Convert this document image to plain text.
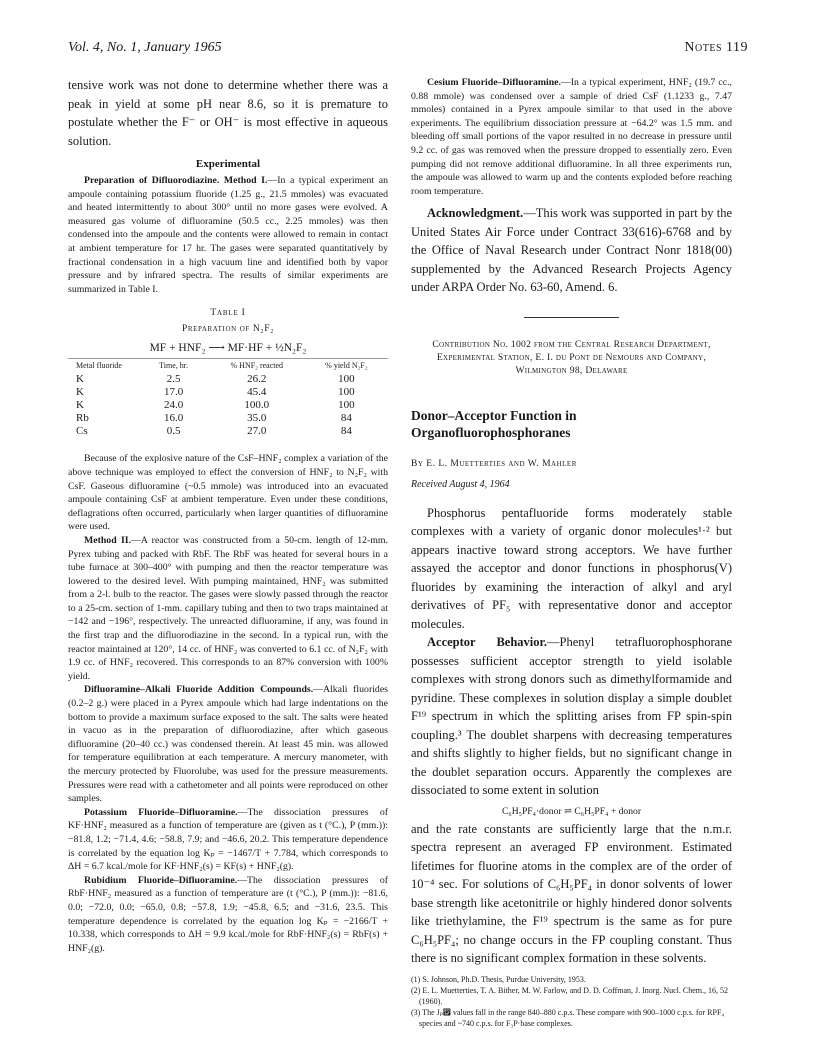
Vol. 4, No. 1, January 1965	Notes 119

tensive work was not done to determine whether there was a peak in yield at some pH near 8.6, so it is premature to postulate whether the F⁻ or OH⁻ is most effective in aqueous solution.

Experimental

Preparation of Difluorodiazine. Method I.—In a typical experiment an ampoule containing potassium fluoride (1.25 g., 21.5 mmoles) was evacuated and heated intermittently to about 300° until no more gases were evolved. A measured gas volume of difluoramine (50.5 cc., 2.25 mmoles) was then condensed into the ampoule and the contents were allowed to remain in contact at ambient temperature for 17 hr. The gases were separated quantitatively by fractional condensation in a high vacuum line and identified both by vapor pressure and by infrared spectra. The results of similar experiments are summarized in Table I.

Table I
Preparation of N₂F₂
MF + HNF₂ ⟶ MF·HF + ½N₂F₂
Metal fluoride	Time, hr.	% HNF₂ reacted	% yield N₂F₂
K	2.5	26.2	100
K	17.0	45.4	100
K	24.0	100.0	100
Rb	16.0	35.0	84
Cs	0.5	27.0	84

Because of the explosive nature of the CsF–HNF₂ complex a variation of the above technique was employed to effect the conversion of HNF₂ to N₂F₂ with CsF. Gaseous difluoramine (~0.5 mmole) was introduced into an evacuated ampoule containing CsF at ambient temperature. Even under these conditions, deflagrations often occurred, particularly when larger quantities of difluoramine were used.

Method II.—A reactor was constructed from a 50-cm. length of 12-mm. Pyrex tubing and packed with RbF. The RbF was heated for several hours in a tube furnace at 300–400° with pumping and then the reactor temperature was lowered to the desired level. With pumping maintained, HNF₂ was submitted from a 2-l. bulb to the reactor. The gases were slowly passed through the reactor to a 25-cm. section of 1-mm. capillary tubing and then to two traps maintained at −142 and −196°, respectively. The unreacted difluoramine, if any, was found in the first trap and the difluorodiazine in the second. In a typical run, with the reactor maintained at 120°, 14 cc. of HNF₂ was converted to 6.1 cc. of N₂F₂ with 1.9 cc. of HNF₂ recovered. This corresponds to an 87% conversion with 100% yield.

Difluoramine–Alkali Fluoride Addition Compounds.—Alkali fluorides (0.2–2 g.) were placed in a Pyrex ampoule which had large indentations on the bottom to provide a maximum surface exposed to the salt. The salts were heated in vacuo as in the preparation of difluorodiazine, after which gaseous difluoramine (20–40 cc.) was condensed therein. At least 45 min. was allowed for temperature equilibration at each temperature. A mercury manometer, with the mercury protected by Fluorolube, was used for the pressure measurements. Pressures were read with a cathetometer and all points were reproduced on other samples.

Potassium Fluoride–Difluoramine.—The dissociation pressures of KF·HNF₂ measured as a function of temperature are (given as t (°C.), P (mm.)): −81.8, 1.2; −71.4, 4.6; −58.8, 7.9; and −46.6, 20.2. This temperature dependence is correlated by the equation log Kₚ = −1467/T + 7.784, which corresponds to ΔH = 6.7 kcal./mole for KF·HNF₂(s) = KF(s) + HNF₂(g).

Rubidium Fluoride–Difluoramine.—The dissociation pressures of RbF·HNF₂ measured as a function of temperature are (t (°C.), P (mm.)): −81.6, 0.0; −72.0, 0.0; −65.0, 0.8; −57.8, 1.9; −45.8, 6.5; and −31.6, 23.5. This temperature dependence is correlated by the equation log Kₚ = −2166/T + 10.338, which corresponds to ΔH = 9.9 kcal./mole for RbF·HNF₂(s) = RbF(s) + HNF₂(g).

Cesium Fluoride–Difluoramine.—In a typical experiment, HNF₂ (19.7 cc., 0.88 mmole) was condensed over a sample of dried CsF (1.1233 g., 7.47 mmoles) contained in a Pyrex ampoule similar to that used in the above experiments. The equilibrium dissociation pressure at −64.2° was 1.5 mm. and bleeding off small portions of the vapor resulted in no decrease in pressure until 9.2 cc. of gas was removed when the pressure dropped to essentially zero. Even pumping did not remove additional difluoramine. In all three experiments run, the ampoule was allowed to warm up and the contents exploded before reaching room temperature.

Acknowledgment.—This work was supported in part by the United States Air Force under Contract 33(616)-6768 and by the Office of Naval Research under Contract Nonr 1818(00) supplemented by the Advanced Research Projects Agency under ARPA Order No. 63-60, Amend. 6.

Contribution No. 1002 from the Central Research Department, Experimental Station, E. I. du Pont de Nemours and Company, Wilmington 98, Delaware
Donor–Acceptor Function in Organofluorophosphoranes
By E. L. Muetterties and W. Mahler
Received August 4, 1964

Phosphorus pentafluoride forms moderately stable complexes with a variety of organic donor molecules¹·² but appears inactive toward strong acceptors. We have further assayed the acceptor and donor functions in phosphorus(V) fluorides by examining the interaction of alkyl and aryl derivatives of PF₅ with representative donor and acceptor molecules.

Acceptor Behavior.—Phenyl tetrafluorophosphorane possesses sufficient acceptor strength to yield isolable complexes with strong donors such as dimethylformamide and pyridine. These complexes in solution display a simple doublet F¹⁹ spectrum in which the splitting arises from FP spin-spin coupling.³ The doublet sharpens with decreasing temperatures and shifts slightly to higher fields, but no significant change in the doublet separation occurs. Apparently the complexes are dissociated to some extent in solution

C₆H₅PF₄·donor ⇌ C₆H₅PF₄ + donor

and the rate constants are sufficiently large that the n.m.r. spectra represent an averaged FP environment. Estimated lifetimes for fluorine atoms in the complex are of the order of 10⁻⁴ sec. For solutions of C₆H₅PF₄ in donor solvents of lower base strength like acetonitrile or highly hindered donor solvents like triethylamine, the F¹⁹ spectrum is the same as for pure C₆H₅PF₄; no change occurs in the FP coupling constant. Thus there is no significant complex formation in these solvents.

(1) S. Johnson, Ph.D. Thesis, Purdue University, 1953.
(2) E. L. Muetterties, T. A. Bither, M. W. Farlow, and D. D. Coffman, J. Inorg. Nucl. Chem., 16, 52 (1960).
(3) The Jₚ₟ values fall in the range 840–880 c.p.s. These compare with 900–1000 c.p.s. for RPF₄ species and ~740 c.p.s. for F₃P·base complexes.
